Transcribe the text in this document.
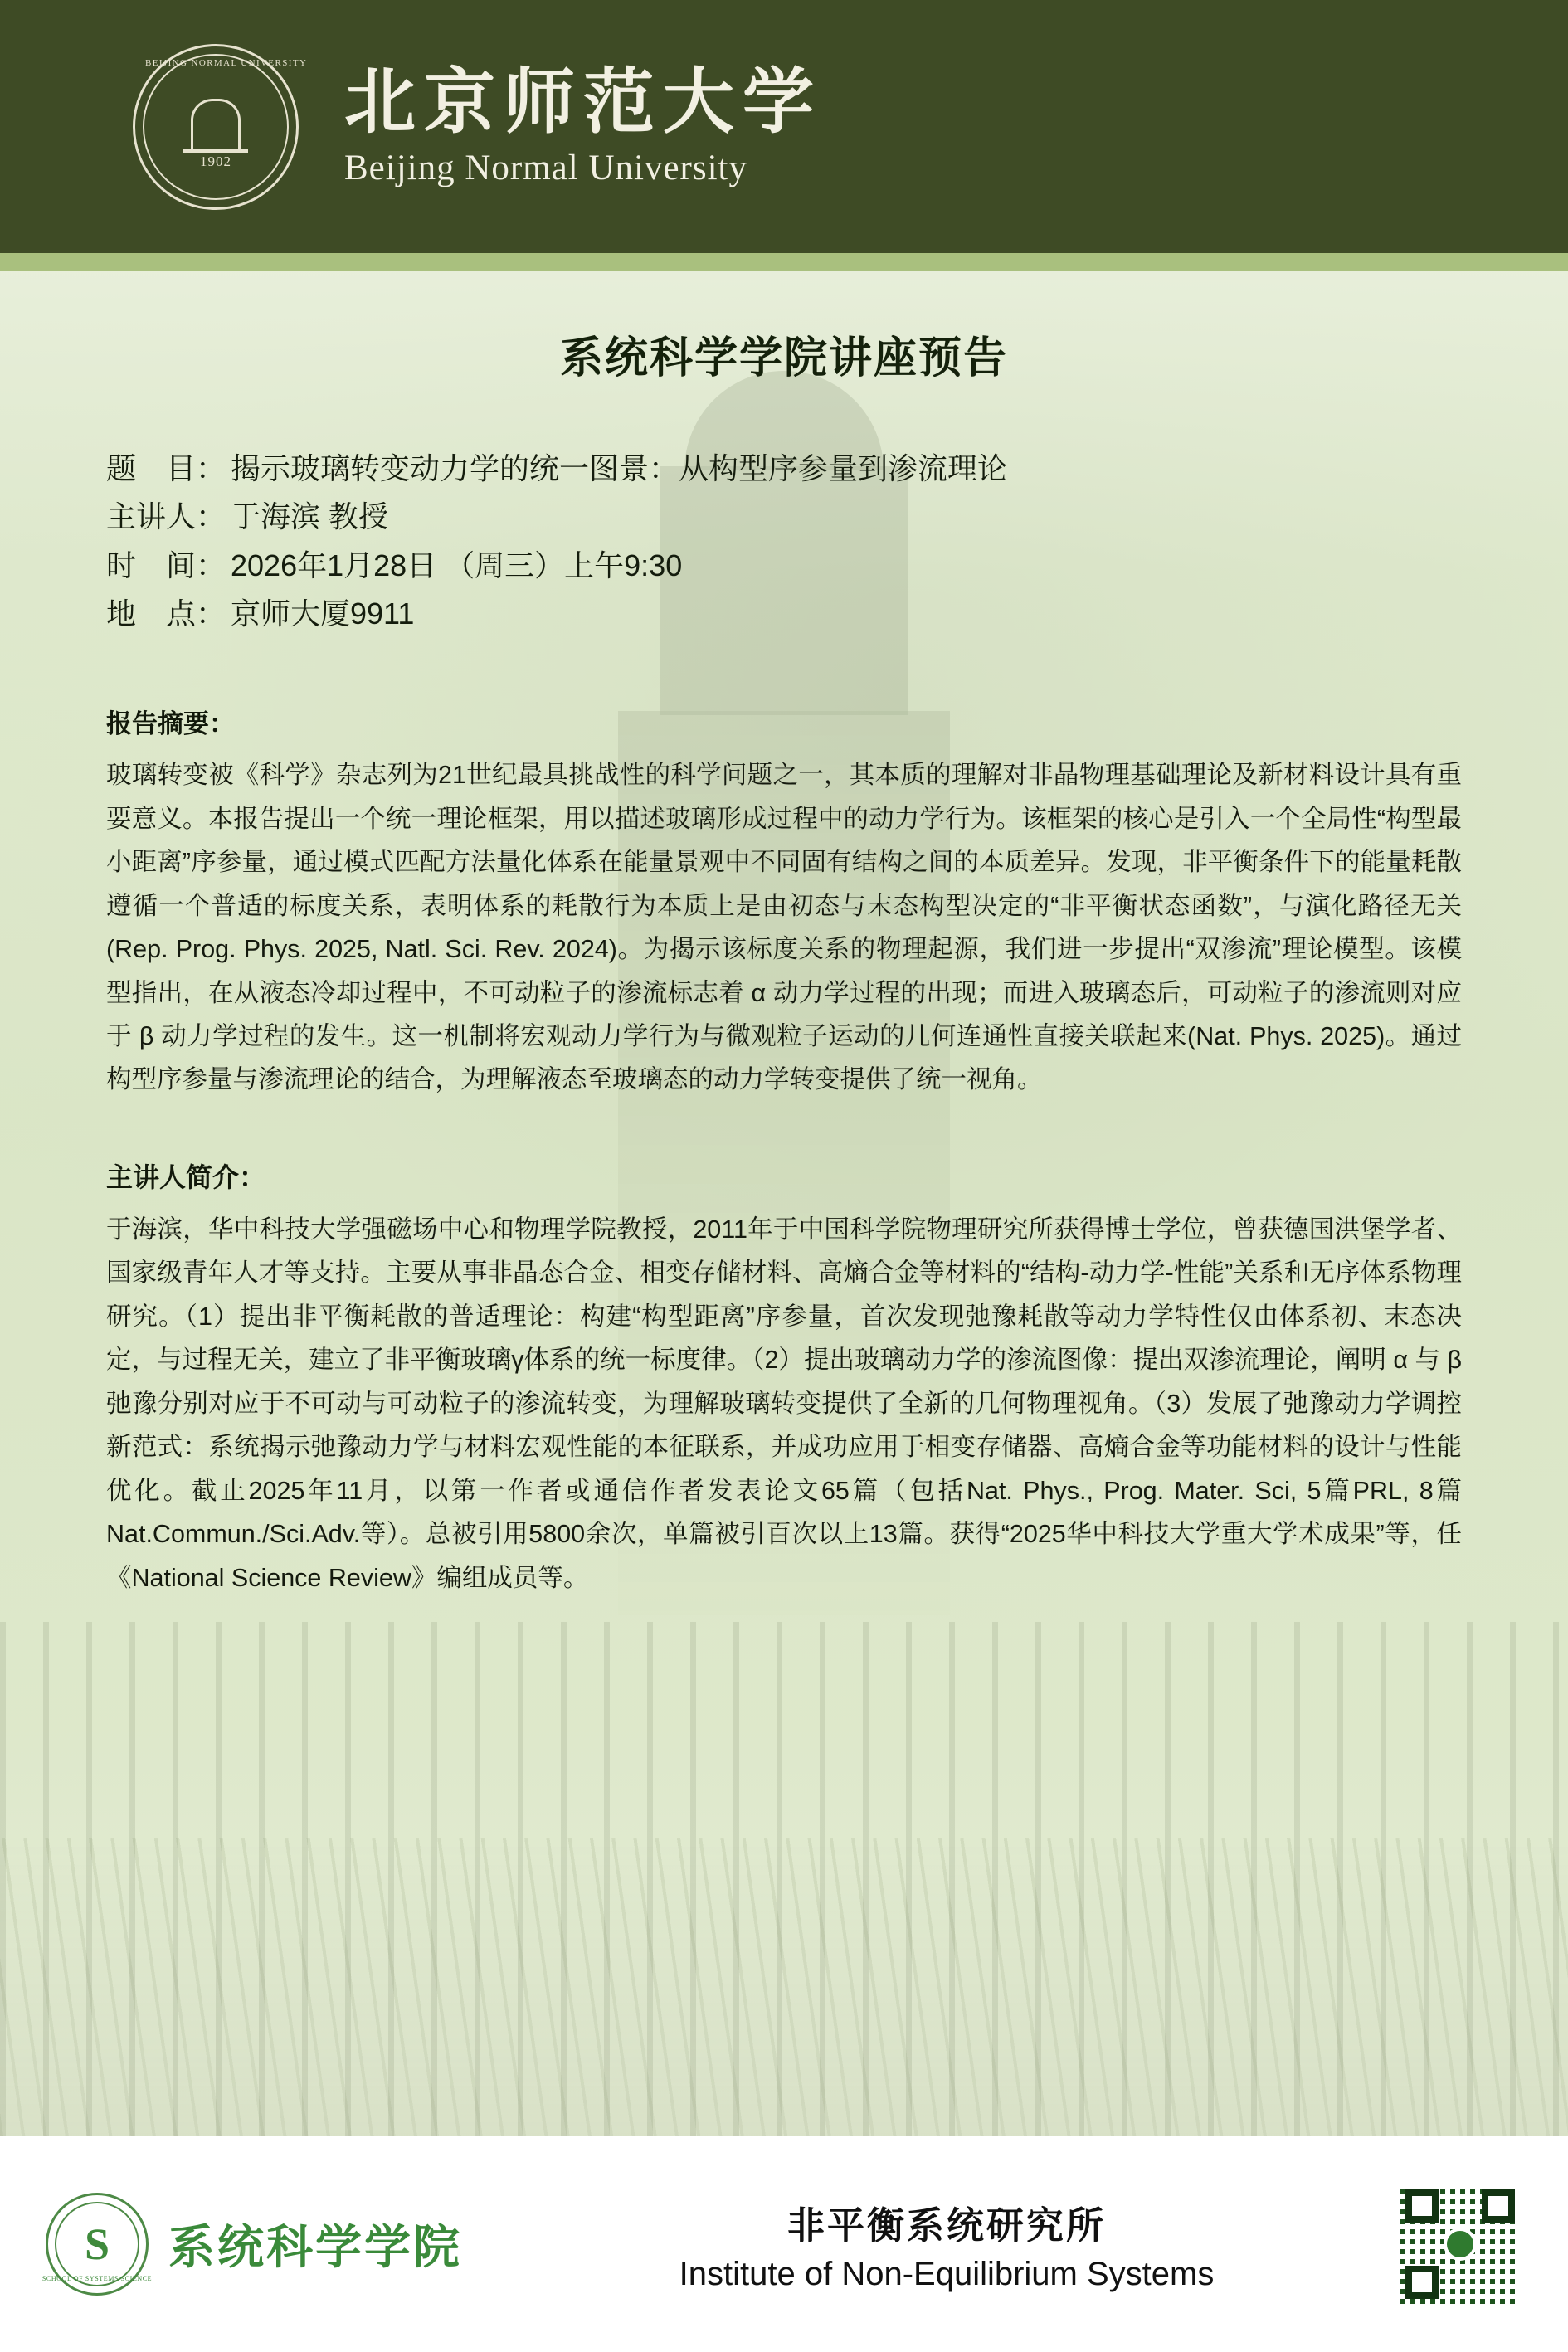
BEIJING NORMAL UNIVERSITY
1902
北京师范大学
Beijing Normal University
系统科学学院讲座预告
题　目： 揭示玻璃转变动力学的统一图景：从构型序参量到渗流理论
主讲人： 于海滨 教授
时　间： 2026年1月28日 （周三）上午9:30
地　点： 京师大厦9911
报告摘要：
玻璃转变被《科学》杂志列为21世纪最具挑战性的科学问题之一，其本质的理解对非晶物理基础理论及新材料设计具有重要意义。本报告提出一个统一理论框架，用以描述玻璃形成过程中的动力学行为。该框架的核心是引入一个全局性“构型最小距离”序参量，通过模式匹配方法量化体系在能量景观中不同固有结构之间的本质差异。发现，非平衡条件下的能量耗散遵循一个普适的标度关系，表明体系的耗散行为本质上是由初态与末态构型决定的“非平衡状态函数”，与演化路径无关(Rep. Prog. Phys. 2025, Natl. Sci. Rev. 2024)。为揭示该标度关系的物理起源，我们进一步提出“双渗流”理论模型。该模型指出，在从液态冷却过程中，不可动粒子的渗流标志着 α 动力学过程的出现；而进入玻璃态后，可动粒子的渗流则对应于 β 动力学过程的发生。这一机制将宏观动力学行为与微观粒子运动的几何连通性直接关联起来(Nat. Phys. 2025)。通过构型序参量与渗流理论的结合，为理解液态至玻璃态的动力学转变提供了统一视角。
主讲人简介：
于海滨，华中科技大学强磁场中心和物理学院教授，2011年于中国科学院物理研究所获得博士学位，曾获德国洪堡学者、国家级青年人才等支持。主要从事非晶态合金、相变存储材料、高熵合金等材料的“结构-动力学-性能”关系和无序体系物理研究。（1）提出非平衡耗散的普适理论：构建“构型距离”序参量，首次发现弛豫耗散等动力学特性仅由体系初、末态决定，与过程无关，建立了非平衡玻璃γ体系的统一标度律。（2）提出玻璃动力学的渗流图像：提出双渗流理论，阐明 α 与 β 弛豫分别对应于不可动与可动粒子的渗流转变，为理解玻璃转变提供了全新的几何物理视角。（3）发展了弛豫动力学调控新范式：系统揭示弛豫动力学与材料宏观性能的本征联系，并成功应用于相变存储器、高熵合金等功能材料的设计与性能优化。截止2025年11月，以第一作者或通信作者发表论文65篇（包括Nat. Phys., Prog. Mater. Sci, 5篇PRL, 8篇Nat.Commun./Sci.Adv.等）。总被引用5800余次，单篇被引百次以上13篇。获得“2025华中科技大学重大学术成果”等，任《National Science Review》编组成员等。
S
SCHOOL OF SYSTEMS SCIENCE
系统科学学院	非平衡系统研究所
Institute of Non-Equilibrium Systems
